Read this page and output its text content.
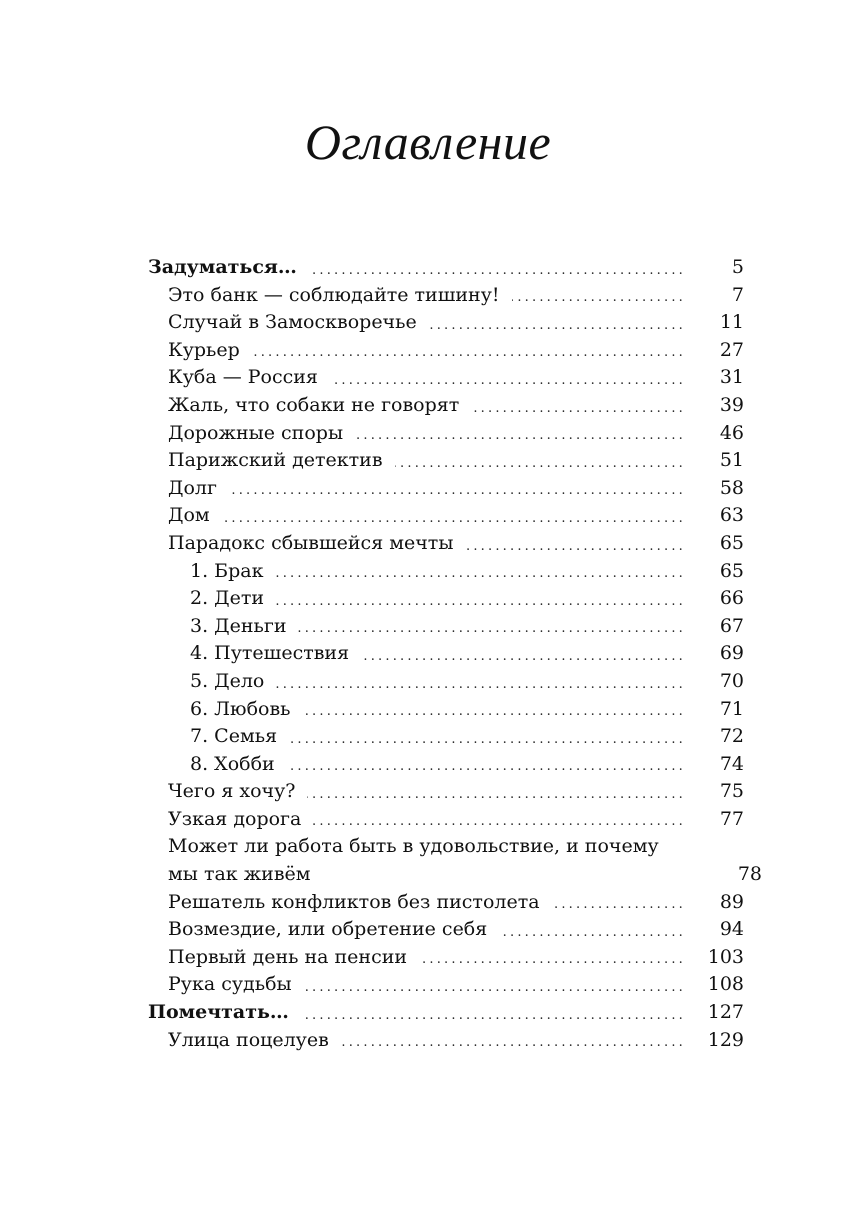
Оглавление
Задуматься… .....	5
Это банк — соблюдайте тишину! .....	7
Случай в Замоскворечье .....	11
Курьер .....	27
Куба — Россия .....	31
Жаль, что собаки не говорят .....	39
Дорожные споры .....	46
Парижский детектив .....	51
Долг .....	58
Дом .....	63
Парадокс сбывшейся мечты .....	65
1. Брак .....	65
2. Дети .....	66
3. Деньги .....	67
4. Путешествия .....	69
5. Дело .....	70
6. Любовь .....	71
7. Семья .....	72
8. Хобби .....	74
Чего я хочу? .....	75
Узкая дорога .....	77
Может ли работа быть в удовольствие, и почему мы так живём	78
Решатель конфликтов без пистолета .....	89
Возмездие, или обретение себя .....	94
Первый день на пенсии .....	103
Рука судьбы .....	108
Помечтать… .....	127
Улица поцелуев .....	129
